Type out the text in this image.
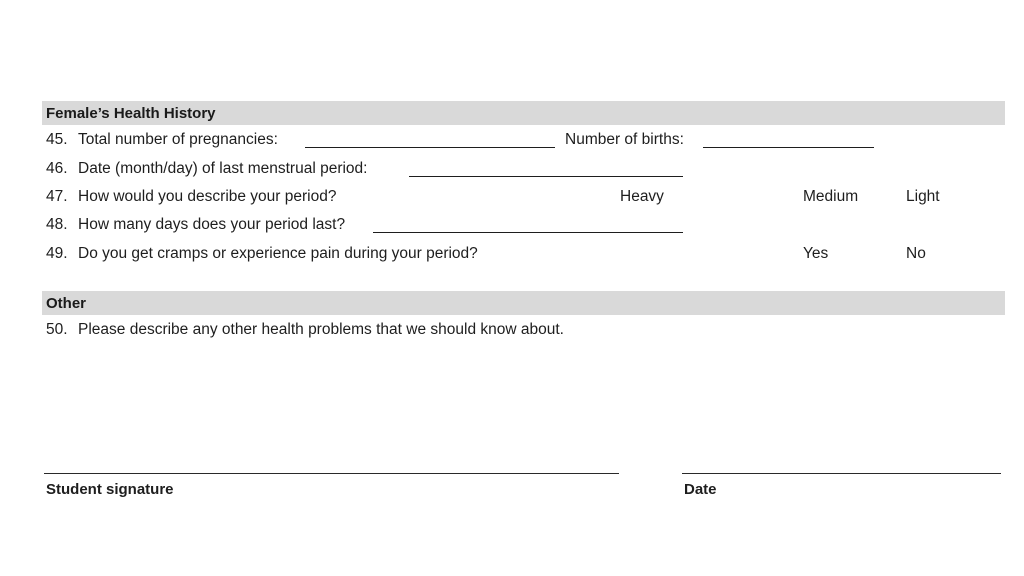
Female’s Health History
45. Total number of pregnancies:	Number of births:
46. Date (month/day) of last menstrual period:
47. How would you describe your period?	Heavy	Medium	Light
48. How many days does your period last?
49. Do you get cramps or experience pain during your period?	Yes	No
Other
50. Please describe any other health problems that we should know about.
Student signature	Date
